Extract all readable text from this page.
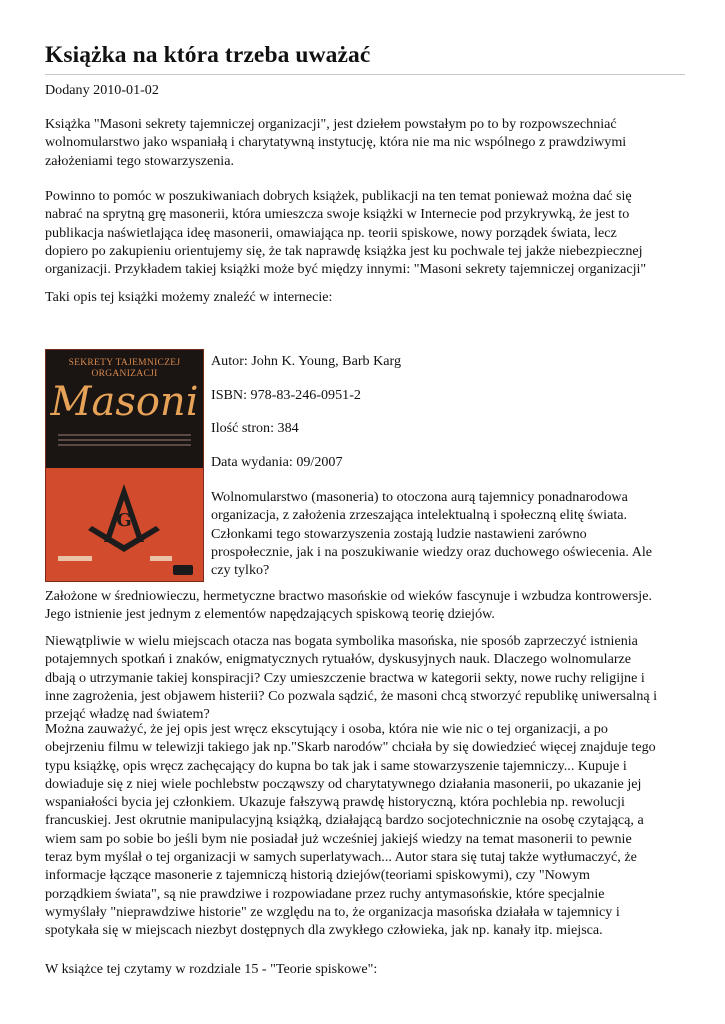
Książka na która trzeba uważać
Dodany 2010-01-02

Książka "Masoni sekrety tajemniczej organizacji", jest dziełem powstałym po to by rozpowszechniać
wolnomularstwo jako wspaniałą i charytatywną instytucję, która nie ma nic wspólnego z prawdziwymi
założeniami tego stowarzyszenia.

Powinno to pomóc w poszukiwaniach dobrych książek, publikacji na ten temat ponieważ można dać się
nabrać na sprytną grę masonerii, która umieszcza swoje książki w Internecie pod przykrywką, że jest to
publikacja naświetlająca ideę masonerii, omawiająca np. teorii spiskowe, nowy porządek świata, lecz
dopiero po zakupieniu orientujemy się, że tak naprawdę książka jest ku pochwale tej jakże niebezpiecznej
organizacji. Przykładem takiej książki może być między innymi: "Masoni sekrety tajemniczej organizacji"

Taki opis tej książki możemy znaleźć w internecie:

SEKRETY TAJEMNICZEJ ORGANIZACJI
Masoni
G

Autor: John K. Young, Barb Karg

ISBN: 978-83-246-0951-2

Ilość stron: 384

Data wydania: 09/2007

Wolnomularstwo (masoneria) to otoczona aurą tajemnicy ponadnarodowa
organizacja, z założenia zrzeszająca intelektualną i społeczną elitę świata.
Członkami tego stowarzyszenia zostają ludzie nastawieni zarówno
prospołecznie, jak i na poszukiwanie wiedzy oraz duchowego oświecenia. Ale
czy tylko?

Założone w średniowieczu, hermetyczne bractwo masońskie od wieków fascynuje i wzbudza kontrowersje.
Jego istnienie jest jednym z elementów napędzających spiskową teorię dziejów.

Niewątpliwie w wielu miejscach otacza nas bogata symbolika masońska, nie sposób zaprzeczyć istnienia
potajemnych spotkań i znaków, enigmatycznych rytuałów, dyskusyjnych nauk. Dlaczego wolnomularze
dbają o utrzymanie takiej konspiracji? Czy umieszczenie bractwa w kategorii sekty, nowe ruchy religijne i
inne zagrożenia, jest objawem histerii? Co pozwala sądzić, że masoni chcą stworzyć republikę uniwersalną i
przejąć władzę nad światem?

Można zauważyć, że jej opis jest wręcz ekscytujący i osoba, która nie wie nic o tej organizacji, a po
obejrzeniu filmu w telewizji takiego jak np."Skarb narodów" chciała by się dowiedzieć więcej znajduje tego
typu książkę, opis wręcz zachęcający do kupna bo tak jak i same stowarzyszenie tajemniczy... Kupuje i
dowiaduje się z niej wiele pochlebstw począwszy od charytatywnego działania masonerii, po ukazanie jej
wspaniałości bycia jej członkiem. Ukazuje fałszywą prawdę historyczną, która pochlebia np. rewolucji
francuskiej. Jest okrutnie manipulacyjną książką, działającą bardzo socjotechnicznie na osobę czytającą, a
wiem sam po sobie bo jeśli bym nie posiadał już wcześniej jakiejś wiedzy na temat masonerii to pewnie
teraz bym myślał o tej organizacji w samych superlatywach... Autor stara się tutaj także wytłumaczyć, że
informacje łączące masonerie z tajemniczą historią dziejów(teoriami spiskowymi), czy "Nowym
porządkiem świata", są nie prawdziwe i rozpowiadane przez ruchy antymasońskie, które specjalnie
wymyślały "nieprawdziwe historie" ze względu na to, że organizacja masońska działała w tajemnicy i
spotykała się w miejscach niezbyt dostępnych dla zwykłego człowieka, jak np. kanały itp. miejsca.

W książce tej czytamy w rozdziale 15 - "Teorie spiskowe":
